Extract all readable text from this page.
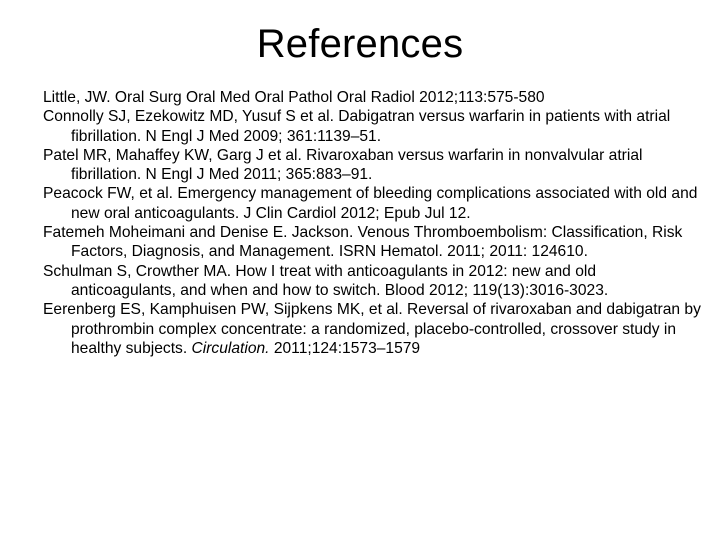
References
Little, JW. Oral Surg Oral Med Oral Pathol Oral Radiol 2012;113:575-580
Connolly SJ, Ezekowitz MD, Yusuf S et al. Dabigatran versus warfarin in patients with atrial fibrillation. N Engl J Med 2009; 361:1139–51.
Patel MR, Mahaffey KW, Garg J et al. Rivaroxaban versus warfarin in nonvalvular atrial fibrillation. N Engl J Med 2011; 365:883–91.
Peacock FW, et al. Emergency management of bleeding complications associated with old and new oral anticoagulants. J Clin Cardiol 2012; Epub Jul 12.
Fatemeh Moheimani and Denise E. Jackson. Venous Thromboembolism: Classification, Risk Factors, Diagnosis, and Management. ISRN Hematol. 2011; 2011: 124610.
Schulman S, Crowther MA. How I treat with anticoagulants in 2012: new and old anticoagulants, and when and how to switch. Blood 2012; 119(13):3016-3023.
Eerenberg ES, Kamphuisen PW, Sijpkens MK, et al. Reversal of rivaroxaban and dabigatran by prothrombin complex concentrate: a randomized, placebo-controlled, crossover study in healthy subjects. Circulation. 2011;124:1573–1579
